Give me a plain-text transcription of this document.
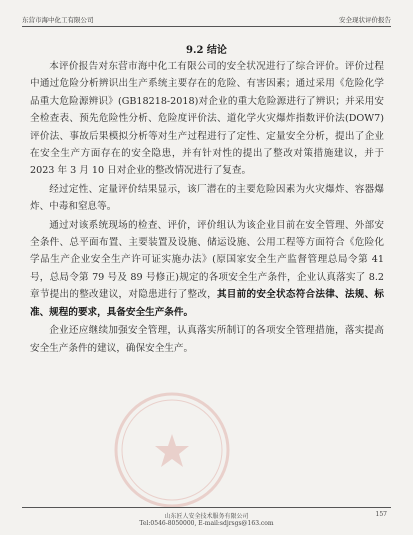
东营市海中化工有限公司	安全现状评价报告
9.2 结论

本评价报告对东营市海中化工有限公司的安全状况进行了综合评价。评价过程中通过危险分析辨识出生产系统主要存在的危险、有害因素；通过采用《危险化学品重大危险源辨识》(GB18218-2018)对企业的重大危险源进行了辨识；并采用安全检查表、预先危险性分析、危险度评价法、道化学火灾爆炸指数评价法(DOW7)评价法、事故后果模拟分析等对生产过程进行了定性、定量安全分析，提出了企业在安全生产方面存在的安全隐患，并有针对性的提出了整改对策措施建议，并于 2023 年 3 月 10 日对企业的整改情况进行了复查。

经过定性、定量评价结果显示，该厂潜在的主要危险因素为火灾爆炸、容器爆炸、中毒和窒息等。

通过对该系统现场的检查、评价，评价组认为该企业目前在安全管理、外部安全条件、总平面布置、主要装置及设施、储运设施、公用工程等方面符合《危险化学品生产企业安全生产许可证实施办法》(原国家安全生产监督管理总局令第 41 号，总局令第 79 号及 89 号修正)规定的各项安全生产条件，企业认真落实了 8.2 章节提出的整改建议，对隐患进行了整改，其目前的安全状态符合法律、法规、标准、规程的要求，具备安全生产条件。

企业还应继续加强安全管理，认真落实所制订的各项安全管理措施，落实提高安全生产条件的建议，确保安全生产。

山东匠人安全技术服务有限公司
Tel:0546-8050000, E-mail:sdjrsgs@163.com
157
